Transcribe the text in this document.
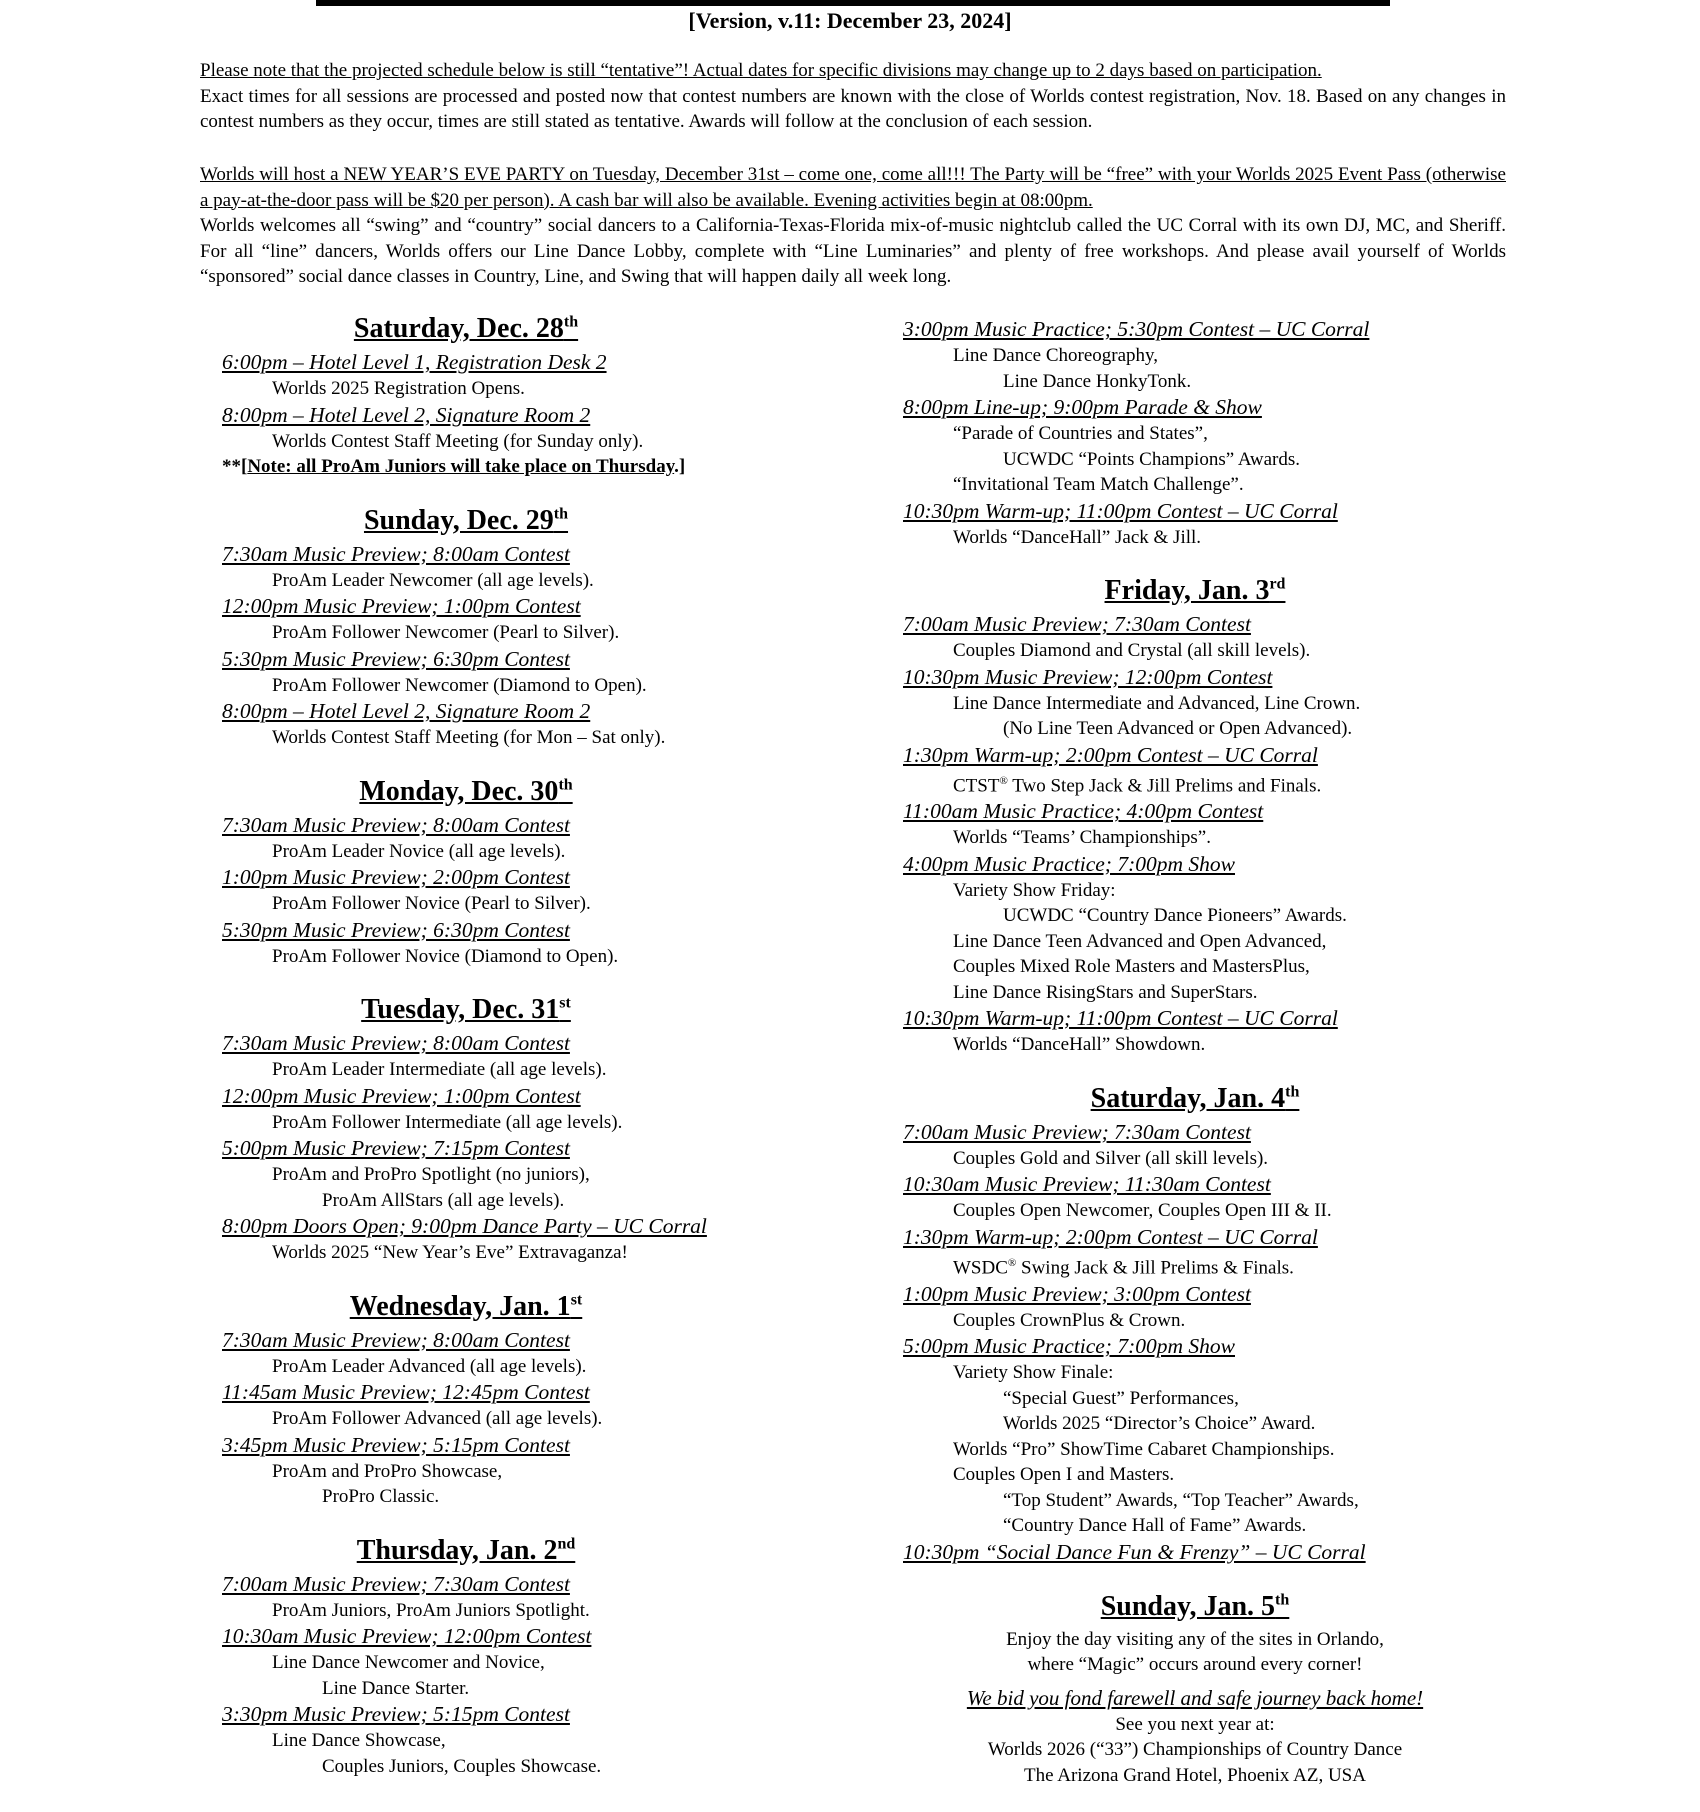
[Version, v.11: December 23, 2024]

Please note that the projected schedule below is still “tentative”! Actual dates for specific divisions may change up to 2 days based on participation.

Exact times for all sessions are processed and posted now that contest numbers are known with the close of Worlds contest registration, Nov. 18. Based on any changes in contest numbers as they occur, times are still stated as tentative. Awards will follow at the conclusion of each session.

Worlds will host a NEW YEAR’S EVE PARTY on Tuesday, December 31st – come one, come all!!! The Party will be “free” with your Worlds 2025 Event Pass (otherwise a pay-at-the-door pass will be $20 per person). A cash bar will also be available. Evening activities begin at 08:00pm.

Worlds welcomes all “swing” and “country” social dancers to a California-Texas-Florida mix-of-music nightclub called the UC Corral with its own DJ, MC, and Sheriff. For all “line” dancers, Worlds offers our Line Dance Lobby, complete with “Line Luminaries” and plenty of free workshops. And please avail yourself of Worlds “sponsored” social dance classes in Country, Line, and Swing that will happen daily all week long.

Saturday, Dec. 28th
6:00pm – Hotel Level 1, Registration Desk 2
Worlds 2025 Registration Opens.
8:00pm – Hotel Level 2, Signature Room 2
Worlds Contest Staff Meeting (for Sunday only).
**[Note: all ProAm Juniors will take place on Thursday.]
Sunday, Dec. 29th
7:30am Music Preview; 8:00am Contest
ProAm Leader Newcomer (all age levels).
12:00pm Music Preview; 1:00pm Contest
ProAm Follower Newcomer (Pearl to Silver).
5:30pm Music Preview; 6:30pm Contest
ProAm Follower Newcomer (Diamond to Open).
8:00pm – Hotel Level 2, Signature Room 2
Worlds Contest Staff Meeting (for Mon – Sat only).
Monday, Dec. 30th
7:30am Music Preview; 8:00am Contest
ProAm Leader Novice (all age levels).
1:00pm Music Preview; 2:00pm Contest
ProAm Follower Novice (Pearl to Silver).
5:30pm Music Preview; 6:30pm Contest
ProAm Follower Novice (Diamond to Open).
Tuesday, Dec. 31st
7:30am Music Preview; 8:00am Contest
ProAm Leader Intermediate (all age levels).
12:00pm Music Preview; 1:00pm Contest
ProAm Follower Intermediate (all age levels).
5:00pm Music Preview; 7:15pm Contest
ProAm and ProPro Spotlight (no juniors),
ProAm AllStars (all age levels).
8:00pm Doors Open; 9:00pm Dance Party – UC Corral
Worlds 2025 “New Year’s Eve” Extravaganza!
Wednesday, Jan. 1st
7:30am Music Preview; 8:00am Contest
ProAm Leader Advanced (all age levels).
11:45am Music Preview; 12:45pm Contest
ProAm Follower Advanced (all age levels).
3:45pm Music Preview; 5:15pm Contest
ProAm and ProPro Showcase,
ProPro Classic.
Thursday, Jan. 2nd
7:00am Music Preview; 7:30am Contest
ProAm Juniors, ProAm Juniors Spotlight.
10:30am Music Preview; 12:00pm Contest
Line Dance Newcomer and Novice,
Line Dance Starter.
3:30pm Music Preview; 5:15pm Contest
Line Dance Showcase,
Couples Juniors, Couples Showcase.
3:00pm Music Practice; 5:30pm Contest – UC Corral
Line Dance Choreography,
Line Dance HonkyTonk.
8:00pm Line-up; 9:00pm Parade & Show
“Parade of Countries and States”,
UCWDC “Points Champions” Awards.
“Invitational Team Match Challenge”.
10:30pm Warm-up; 11:00pm Contest – UC Corral
Worlds “DanceHall” Jack & Jill.
Friday, Jan. 3rd
7:00am Music Preview; 7:30am Contest
Couples Diamond and Crystal (all skill levels).
10:30pm Music Preview; 12:00pm Contest
Line Dance Intermediate and Advanced, Line Crown.
(No Line Teen Advanced or Open Advanced).
1:30pm Warm-up; 2:00pm Contest – UC Corral
CTST® Two Step Jack & Jill Prelims and Finals.
11:00am Music Practice; 4:00pm Contest
Worlds “Teams’ Championships”.
4:00pm Music Practice; 7:00pm Show
Variety Show Friday:
UCWDC “Country Dance Pioneers” Awards.
Line Dance Teen Advanced and Open Advanced,
Couples Mixed Role Masters and MastersPlus,
Line Dance RisingStars and SuperStars.
10:30pm Warm-up; 11:00pm Contest – UC Corral
Worlds “DanceHall” Showdown.
Saturday, Jan. 4th
7:00am Music Preview; 7:30am Contest
Couples Gold and Silver (all skill levels).
10:30am Music Preview; 11:30am Contest
Couples Open Newcomer, Couples Open III & II.
1:30pm Warm-up; 2:00pm Contest – UC Corral
WSDC® Swing Jack & Jill Prelims & Finals.
1:00pm Music Preview; 3:00pm Contest
Couples CrownPlus & Crown.
5:00pm Music Practice; 7:00pm Show
Variety Show Finale:
“Special Guest” Performances,
Worlds 2025 “Director’s Choice” Award.
Worlds “Pro” ShowTime Cabaret Championships.
Couples Open I and Masters.
“Top Student” Awards, “Top Teacher” Awards,
“Country Dance Hall of Fame” Awards.
10:30pm “Social Dance Fun & Frenzy” – UC Corral
Sunday, Jan. 5th
Enjoy the day visiting any of the sites in Orlando,
where “Magic” occurs around every corner!
We bid you fond farewell and safe journey back home!
See you next year at:
Worlds 2026 (“33”) Championships of Country Dance
The Arizona Grand Hotel, Phoenix AZ, USA
